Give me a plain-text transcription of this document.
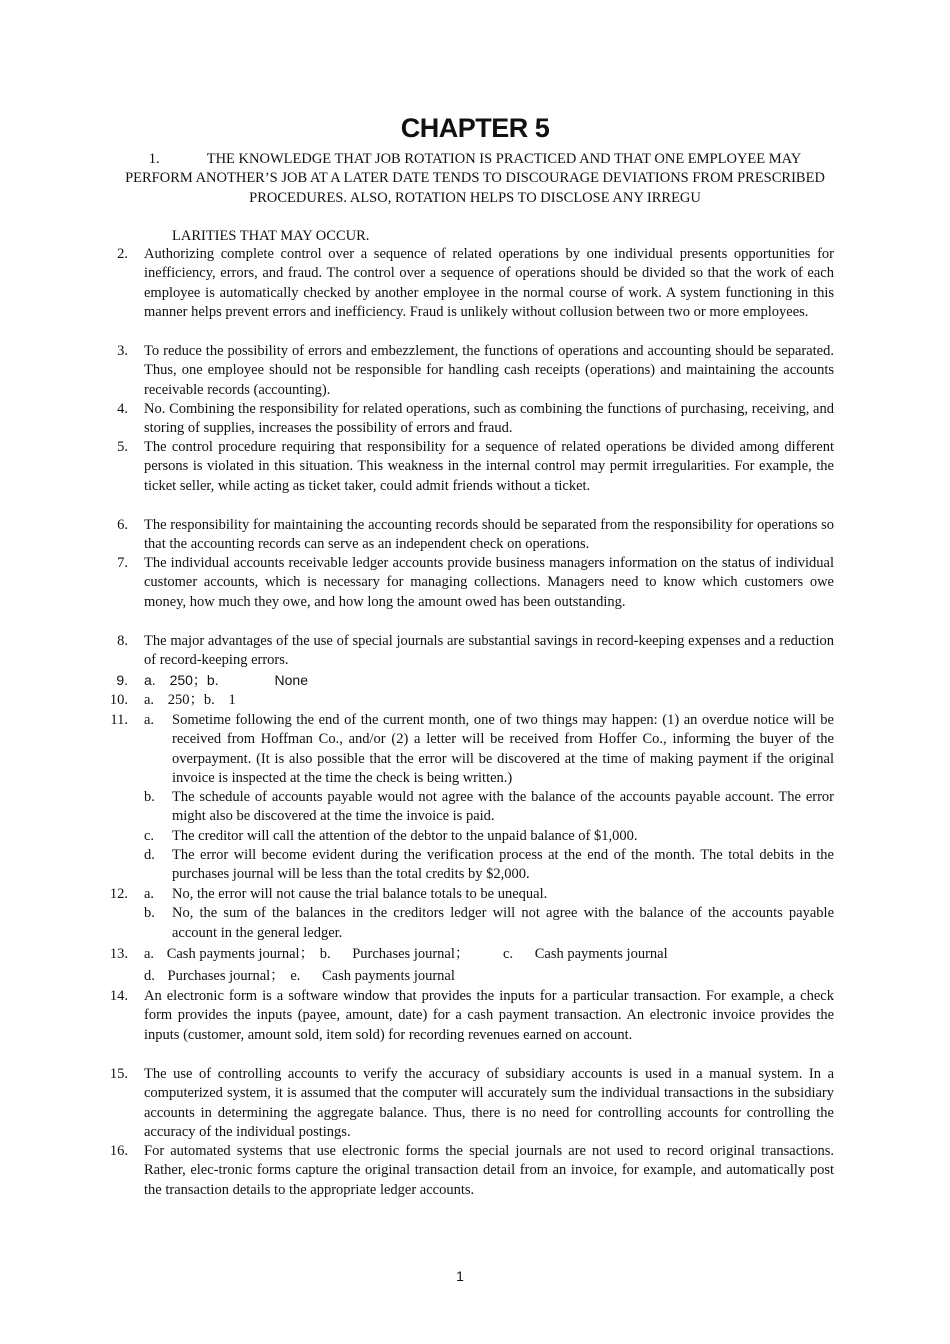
CHAPTER 5
1.	THE KNOWLEDGE THAT JOB ROTATION IS PRACTICED AND THAT ONE EMPLOYEE MAY PERFORM ANOTHER’S JOB AT A LATER DATE TENDS TO DISCOURAGE DEVIATIONS FROM PRESCRIBED PROCEDURES. ALSO, ROTATION HELPS TO DISCLOSE ANY IRREGU
LARITIES THAT MAY OCCUR.
2. Authorizing complete control over a sequence of related operations by one individual presents opportunities for inefficiency, errors, and fraud. The control over a sequence of operations should be divided so that the work of each employee is automatically checked by another employee in the normal course of work. A system functioning in this manner helps prevent errors and inefficiency. Fraud is unlikely without collusion between two or more employees.
3. To reduce the possibility of errors and embezzlement, the functions of operations and accounting should be separated. Thus, one employee should not be responsible for handling cash receipts (operations) and maintaining the accounts receivable records (accounting).
4. No. Combining the responsibility for related operations, such as combining the functions of purchasing, receiving, and storing of supplies, increases the possibility of errors and fraud.
5. The control procedure requiring that responsibility for a sequence of related operations be divided among different persons is violated in this situation. This weakness in the internal control may permit irregularities. For example, the ticket seller, while acting as ticket taker, could admit friends without a ticket.
6. The responsibility for maintaining the accounting records should be separated from the responsibility for operations so that the accounting records can serve as an independent check on operations.
7. The individual accounts receivable ledger accounts provide business managers information on the status of individual customer accounts, which is necessary for managing collections. Managers need to know which customers owe money, how much they owe, and how long the amount owed has been outstanding.
8. The major advantages of the use of special journals are substantial savings in record-keeping expenses and a reduction of record-keeping errors.
9. a. 250；b.	None
10. a. 250；b. 1
11. a.	Sometime following the end of the current month, one of two things may happen: (1) an overdue notice will be received from Hoffman Co., and/or (2) a letter will be received from Hoffer Co., informing the buyer of the overpayment. (It is also possible that the error will be discovered at the time of making payment if the original invoice is inspected at the time the check is being written.)
b.	The schedule of accounts payable would not agree with the balance of the accounts payable account. The error might also be discovered at the time the invoice is paid.
c.	The creditor will call the attention of the debtor to the unpaid balance of $1,000.
d.	The error will become evident during the verification process at the end of the month. The total debits in the purchases journal will be less than the total credits by $2,000.
12. a.	No, the error will not cause the trial balance totals to be unequal.
b.	No, the sum of the balances in the creditors ledger will not agree with the balance of the accounts payable account in the general ledger.
13. a. Cash payments journal； b. Purchases journal； c. Cash payments journal
d. Purchases journal； e. Cash payments journal
14. An electronic form is a software window that provides the inputs for a particular transaction. For example, a check form provides the inputs (payee, amount, date) for a cash payment transaction. An electronic invoice provides the inputs (customer, amount sold, item sold) for recording revenues earned on account.
15. The use of controlling accounts to verify the accuracy of subsidiary accounts is used in a manual system. In a computerized system, it is assumed that the computer will accurately sum the individual transactions in the subsidiary accounts in determining the aggregate balance. Thus, there is no need for controlling accounts for controlling the accuracy of the individual postings.
16. For automated systems that use electronic forms the special journals are not used to record original transactions. Rather, elec-tronic forms capture the original transaction detail from an invoice, for example, and automatically post the transaction details to the appropriate ledger accounts.
1
